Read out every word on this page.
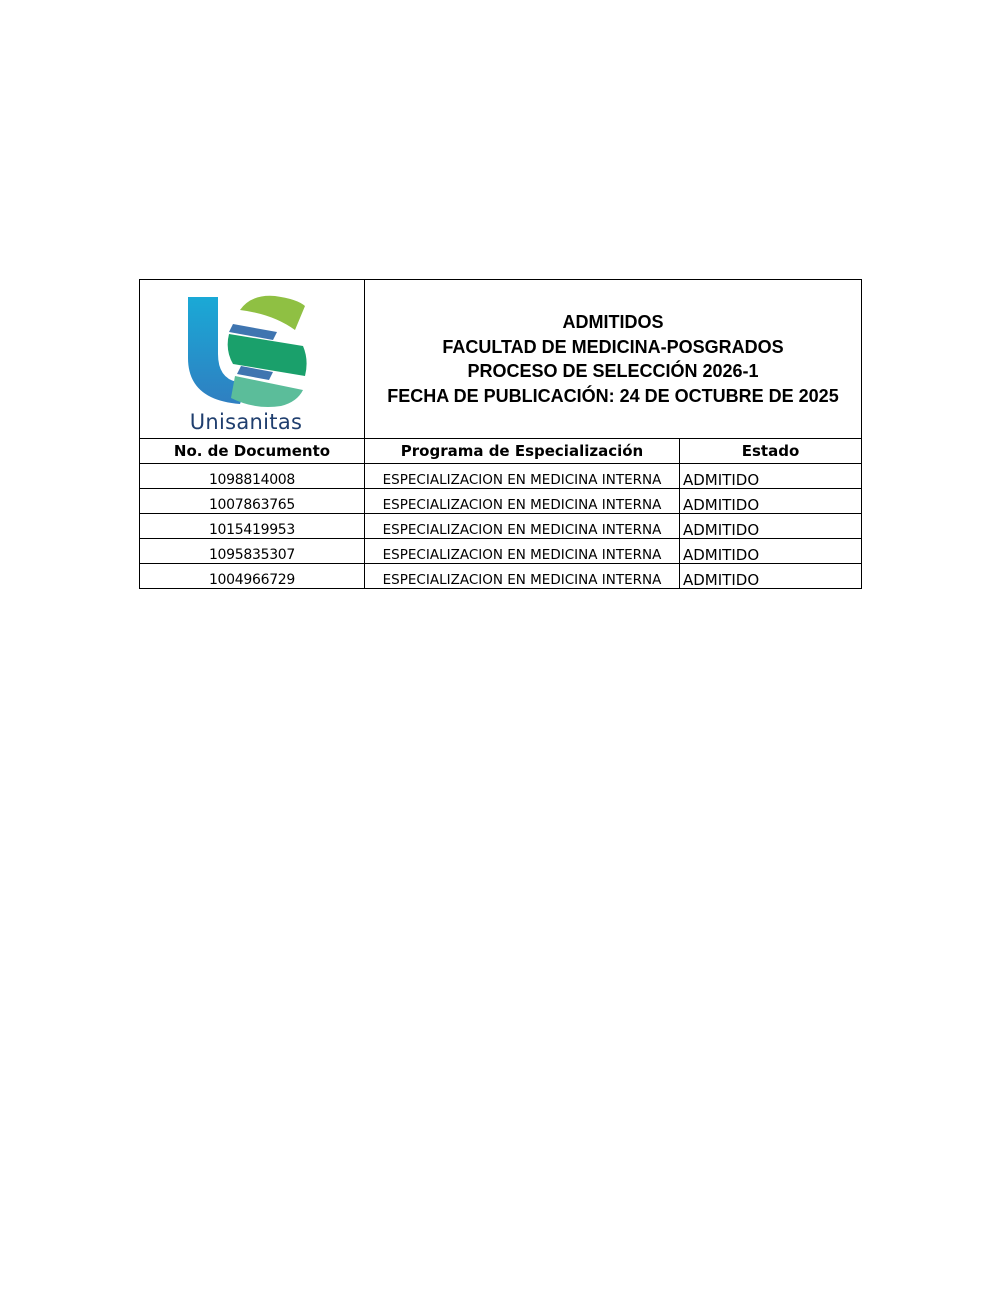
Unisanitas	ADMITIDOS
FACULTAD DE MEDICINA-POSGRADOS
PROCESO DE SELECCIÓN 2026-1
FECHA DE PUBLICACIÓN: 24 DE OCTUBRE DE 2025	

No. de Documento	Programa de Especialización	Estado
1098814008	ESPECIALIZACION EN MEDICINA INTERNA	ADMITIDO
1007863765	ESPECIALIZACION EN MEDICINA INTERNA	ADMITIDO
1015419953	ESPECIALIZACION EN MEDICINA INTERNA	ADMITIDO
1095835307	ESPECIALIZACION EN MEDICINA INTERNA	ADMITIDO
1004966729	ESPECIALIZACION EN MEDICINA INTERNA	ADMITIDO
